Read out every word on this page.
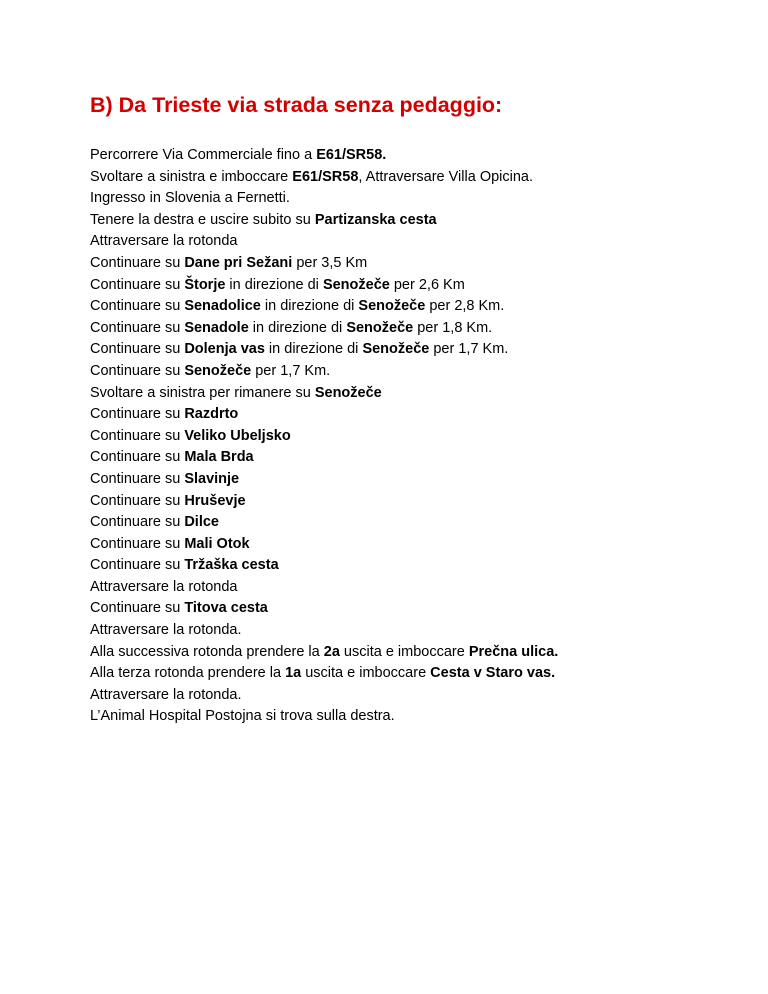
B) Da Trieste via strada senza pedaggio:
Percorrere Via Commerciale fino a E61/SR58.
Svoltare a sinistra e imboccare E61/SR58, Attraversare Villa Opicina.
Ingresso in Slovenia a Fernetti.
Tenere la destra e uscire subito su Partizanska cesta
Attraversare la rotonda
Continuare su Dane pri Sežani per 3,5 Km
Continuare su Štorje in direzione di Senožeče per 2,6 Km
Continuare su Senadolice in direzione di Senožeče per 2,8 Km.
Continuare su Senadole in direzione di Senožeče per 1,8 Km.
Continuare su Dolenja vas in direzione di Senožeče per 1,7 Km.
Continuare su Senožeče per 1,7 Km.
Svoltare a sinistra per rimanere su Senožeče
Continuare su Razdrto
Continuare su Veliko Ubeljsko
Continuare su Mala Brda
Continuare su Slavinje
Continuare su Hruševje
Continuare su Dilce
Continuare su Mali Otok
Continuare su Tržaška cesta
Attraversare la rotonda
Continuare su Titova cesta
Attraversare la rotonda.
Alla successiva rotonda prendere la 2a uscita e imboccare Prečna ulica.
Alla terza rotonda prendere la 1a uscita e imboccare Cesta v Staro vas.
Attraversare la rotonda.
L’Animal Hospital Postojna si trova sulla destra.
